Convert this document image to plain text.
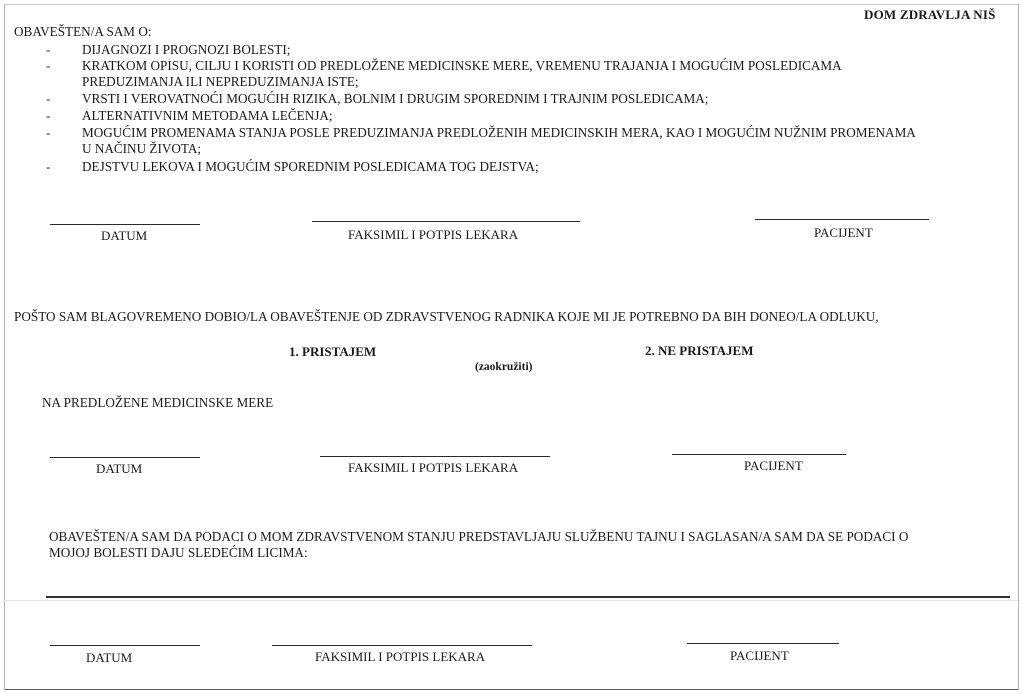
DOM ZDRAVLJA NIŠ
OBAVEŠTEN/A SAM O:
- DIJAGNOZI I PROGNOZI BOLESTI;
- KRATKOM OPISU, CILJU I KORISTI OD PREDLOŽENE MEDICINSKE MERE, VREMENU TRAJANJA I MOGUĆIM POSLEDICAMA
PREDUZIMANJA ILI NEPREDUZIMANJA ISTE;
- VRSTI I VEROVATNOĆI MOGUĆIH RIZIKA, BOLNIM I DRUGIM SPOREDNIM I TRAJNIM POSLEDICAMA;
- ALTERNATIVNIM METODAMA LEČENJA;
- MOGUĆIM PROMENAMA STANJA POSLE PREDUZIMANJA PREDLOŽENIH MEDICINSKIH MERA, KAO I MOGUĆIM NUŽNIM PROMENAMA
U NAČINU ŽIVOTA;
- DEJSTVU LEKOVA I MOGUĆIM SPOREDNIM POSLEDICAMA TOG DEJSTVA;
DATUM	FAKSIMIL I POTPIS LEKARA	PACIJENT
POŠTO SAM BLAGOVREMENO DOBIO/LA OBAVEŠTENJE OD ZDRAVSTVENOG RADNIKA KOJE MI JE POTREBNO DA BIH DONEO/LA ODLUKU,
1. PRISTAJEM	2. NE PRISTAJEM
(zaokružiti)
NA PREDLOŽENE MEDICINSKE MERE
DATUM	FAKSIMIL I POTPIS LEKARA	PACIJENT
OBAVEŠTEN/A SAM DA PODACI O MOM ZDRAVSTVENOM STANJU PREDSTAVLJAJU SLUŽBENU TAJNU I SAGLASAN/A SAM DA SE PODACI O
MOJOJ BOLESTI DAJU SLEDEĆIM LICIMA:
DATUM	FAKSIMIL I POTPIS LEKARA	PACIJENT
